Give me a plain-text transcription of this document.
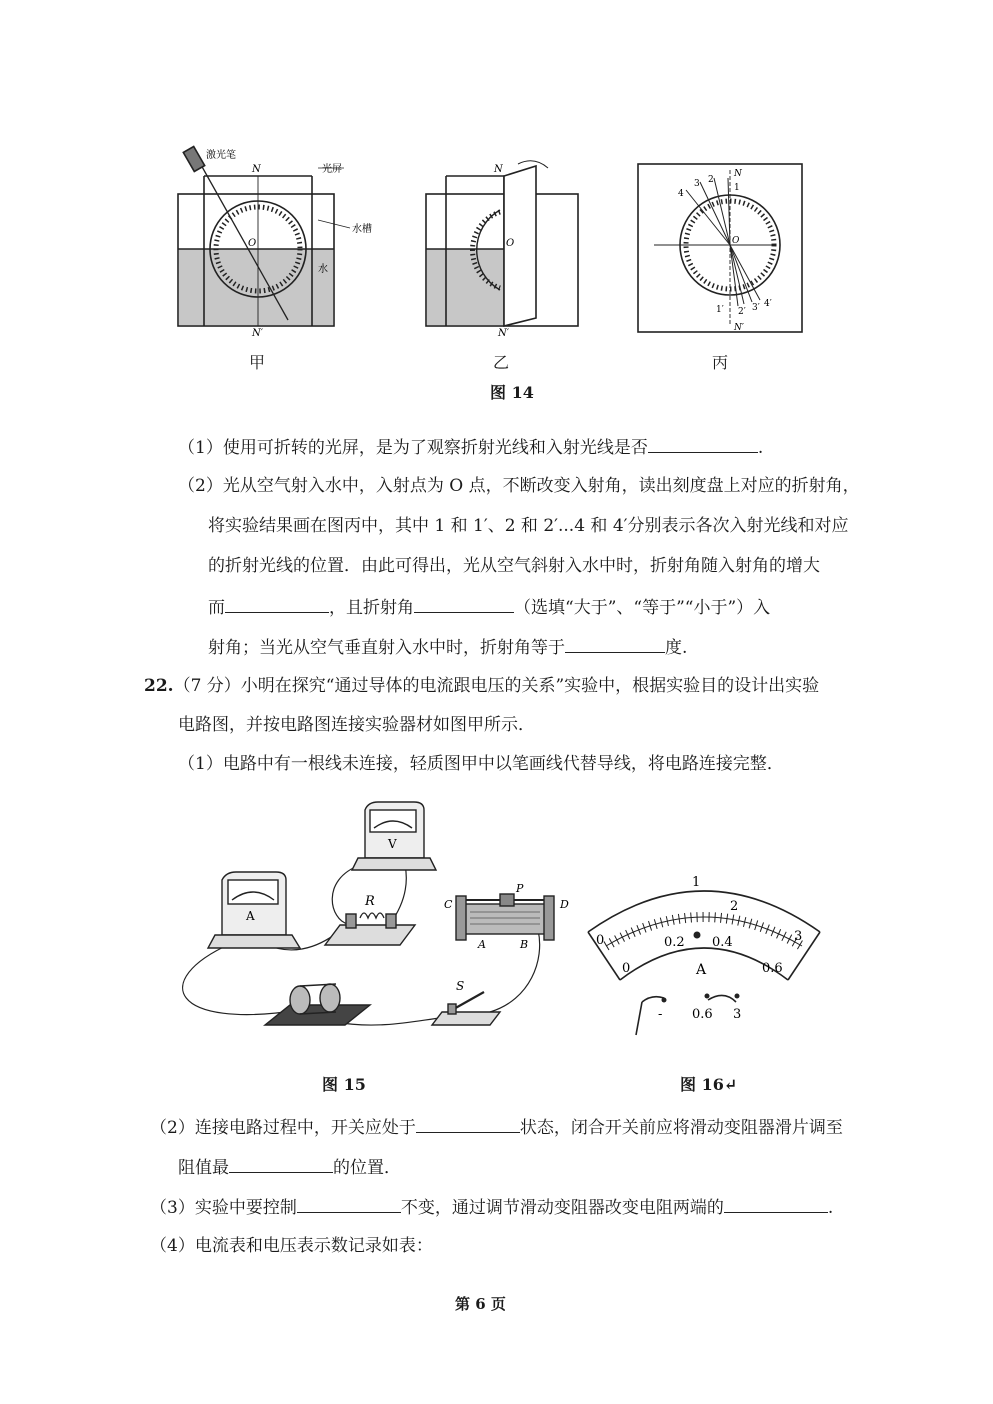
激光笔
光屏
水槽
水
N
O
N′
N
O
N′
4
3 2
1
N
O
1′ 2′ 3′ 4′
N′
甲	乙	丙
图 14
（1）使用可折转的光屏，是为了观察折射光线和入射光线是否	.
（2）光从空气射入水中，入射点为 O 点，不断改变入射角，读出刻度盘上对应的折射角，
将实验结果画在图丙中，其中 1 和 1′、2 和 2′...4 和 4′分别表示各次入射光线和对应
的折射光线的位置．由此可得出，光从空气斜射入水中时，折射角随入射角的增大
而	，且折射角	（选填“大于”、“等于”“小于”）入
射角；当光从空气垂直射入水中时，折射角等于	度.
22.（7 分）小明在探究“通过导体的电流跟电压的关系”实验中，根据实验目的设计出实验
电路图，并按电路图连接实验器材如图甲所示．
（1）电路中有一根线未连接，轻质图甲中以笔画线代替导线，将电路连接完整．
A
V
R
S
P
C	D
A	B
图 15
0
1
2
3
0
0.2 0.4
0.6
A
- 0.6 3
图 16↵
（2）连接电路过程中，开关应处于	状态，闭合开关前应将滑动变阻器滑片调至
阻值最	的位置．
（3）实验中要控制	不变，通过调节滑动变阻器改变电阻两端的	.
（4）电流表和电压表示数记录如表：
第 6 页
